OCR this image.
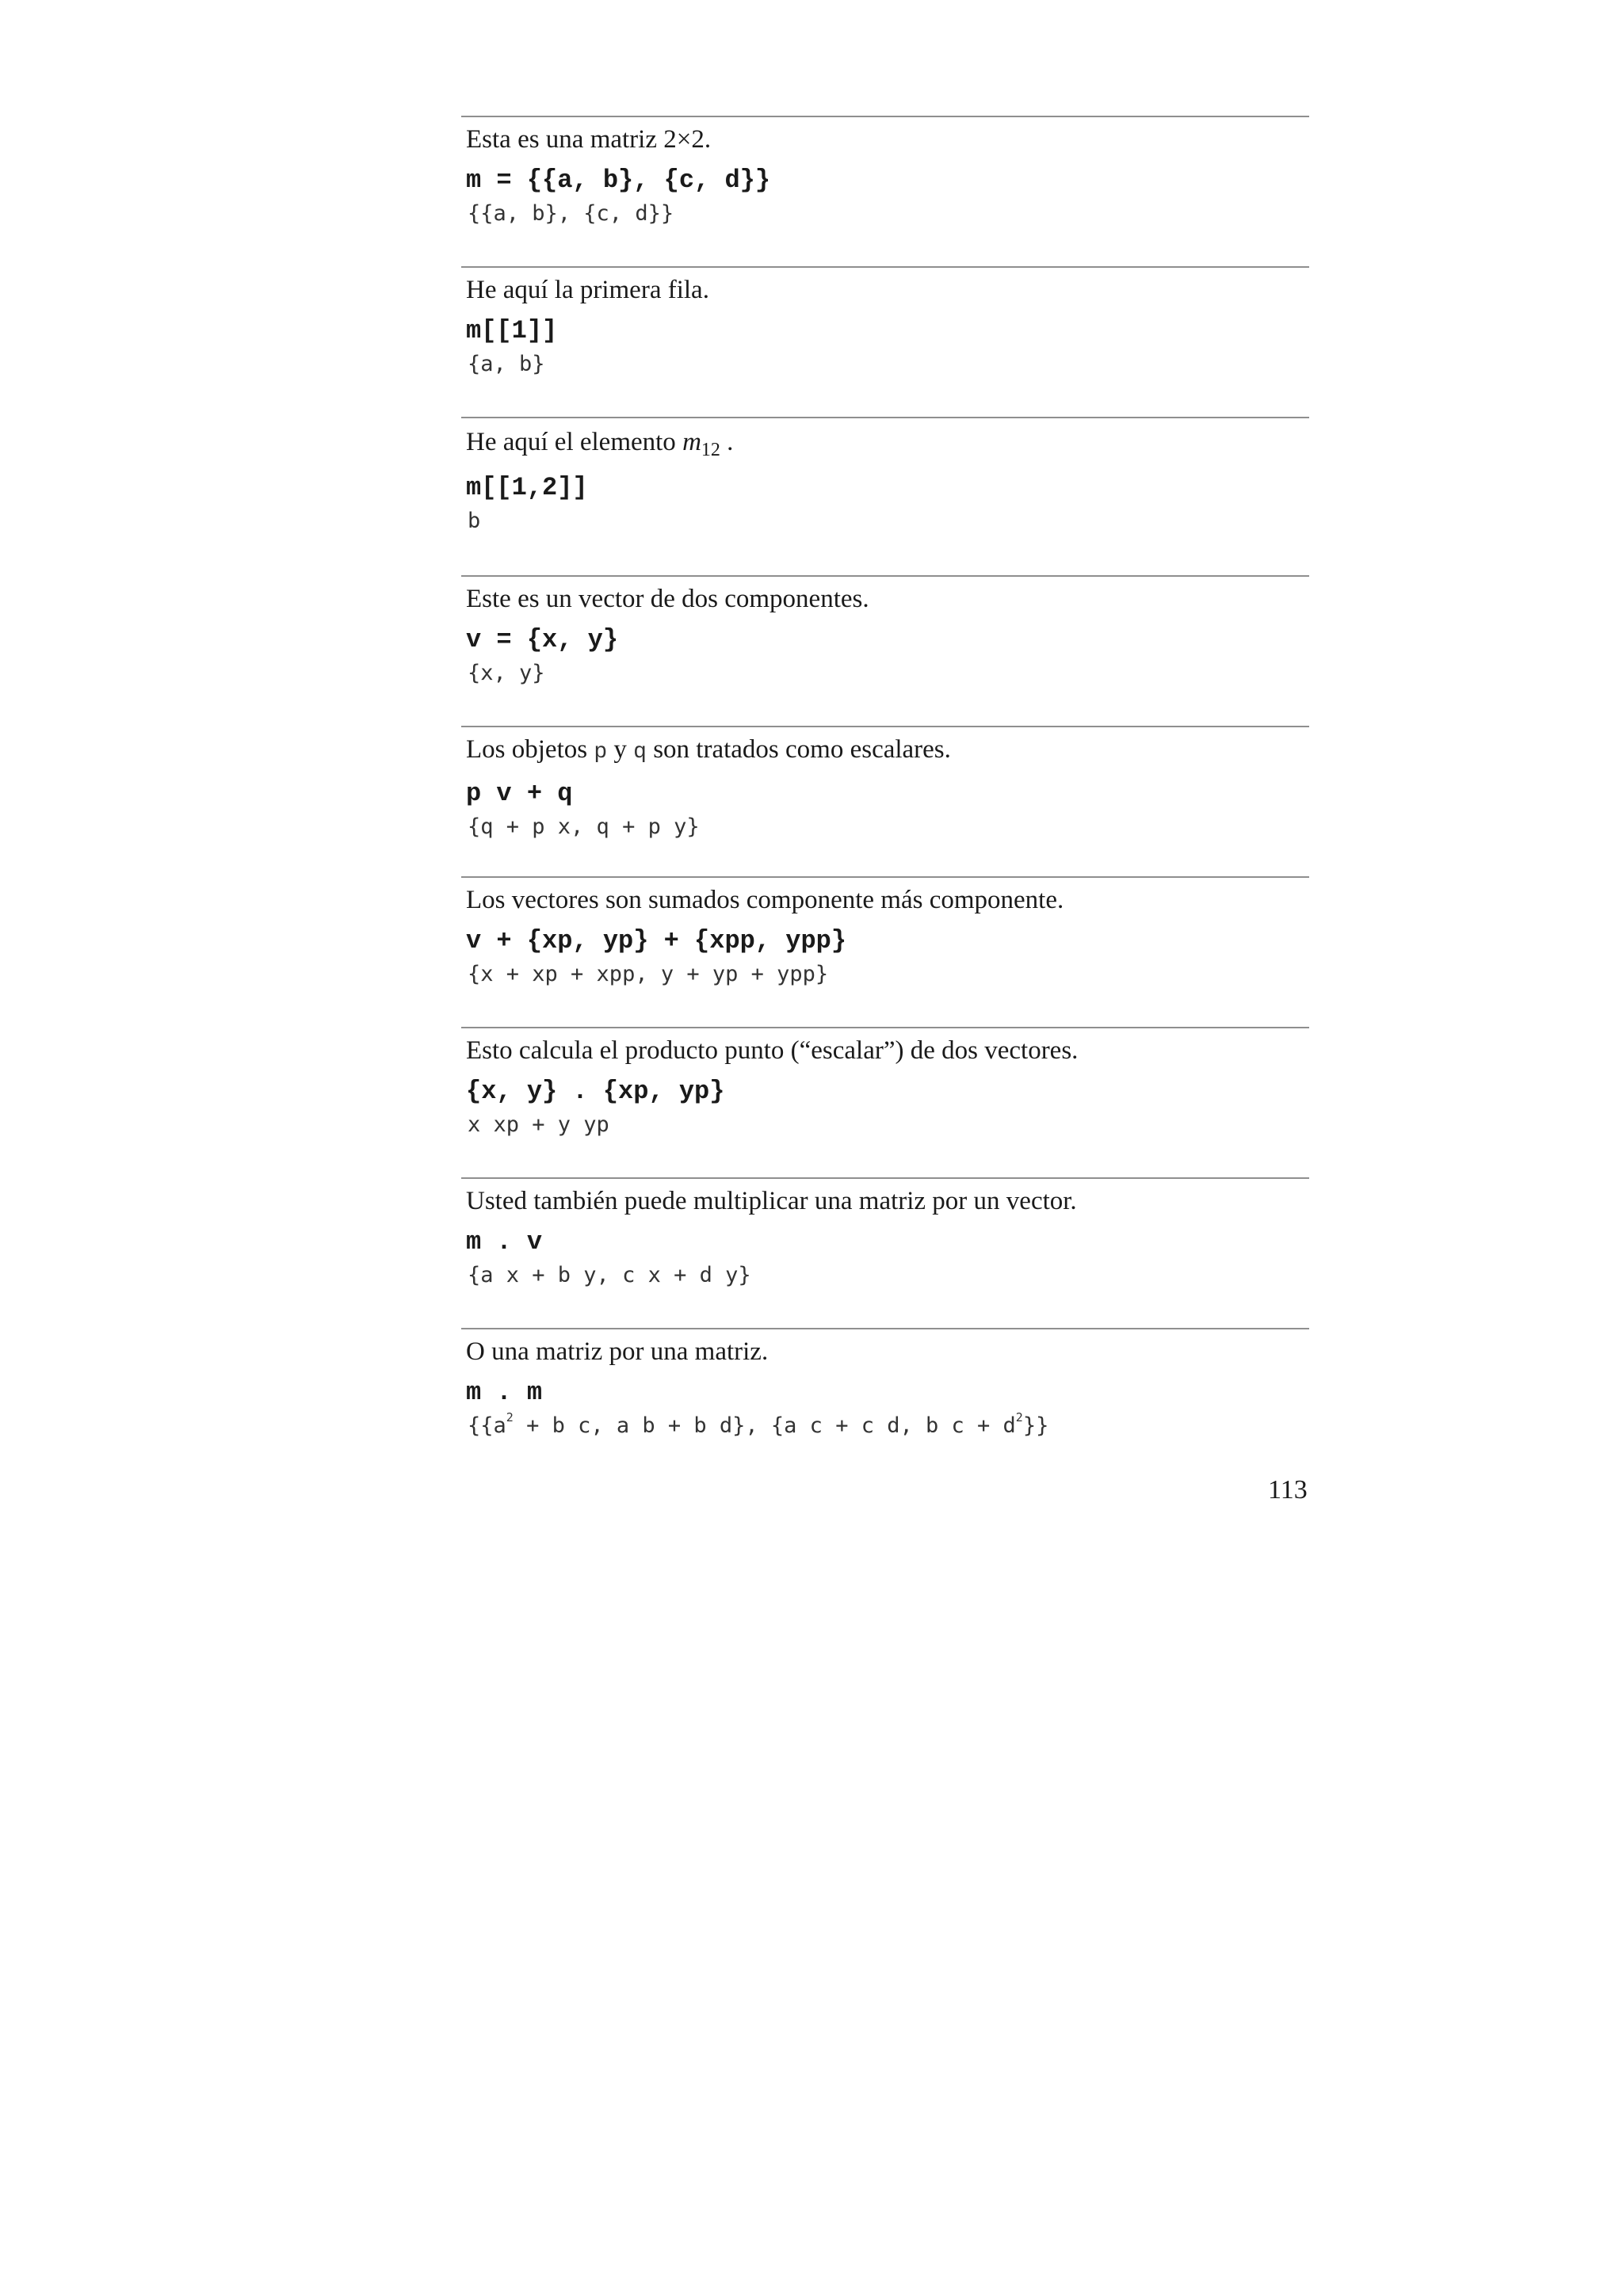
Esta es una matriz 2×2.
m = {{a, b}, {c, d}}
{{a, b}, {c, d}}
He aquí la primera fila.
m[[1]]
{a, b}
He aquí el elemento $m_{12}$ .
m[[1,2]]
b
Este es un vector de dos componentes.
v = {x, y}
{x, y}
Los objetos p y q son tratados como escalares.
p v + q
{q + p x, q + p y}
Los vectores son sumados componente más componente.
v + {xp, yp} + {xpp, ypp}
{x + xp + xpp, y + yp + ypp}
Esto calcula el producto punto (“escalar”) de dos vectores.
{x, y} . {xp, yp}
x xp + y yp
Usted también puede multiplicar una matriz por un vector.
m . v
{a x + b y, c x + d y}
O una matriz por una matriz.
m . m
{{$a^2 + b$ c, a b + b d}, {a c + c d, b $c + d^2$}}
113
